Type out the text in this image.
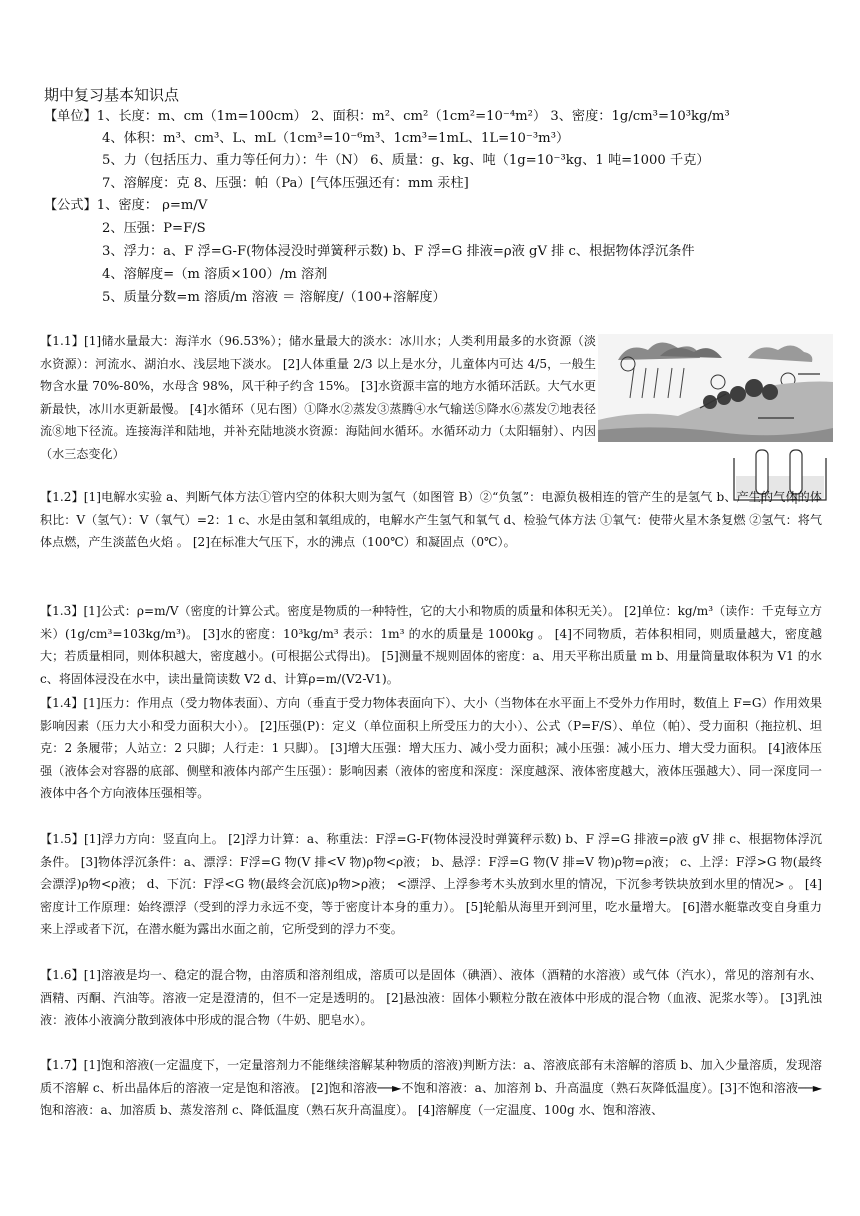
期中复习基本知识点
【单位】1、长度：m、cm（1m=100cm） 2、面积：m²、cm²（1cm²=10⁻⁴m²） 3、密度：1g/cm³=10³kg/m³
4、体积：m³、cm³、L、mL（1cm³=10⁻⁶m³、1cm³=1mL、1L=10⁻³m³）
5、力（包括压力、重力等任何力）：牛（N） 6、质量：g、kg、吨（1g=10⁻³kg、1 吨=1000 千克）
7、溶解度：克 8、压强：帕（Pa）[气体压强还有：mm 汞柱]
【公式】1、密度： ρ=m/V
2、压强：P=F/S
3、浮力：a、F 浮=G-F(物体浸没时弹簧秤示数) b、F 浮=G 排液=ρ液 gV 排 c、根据物体浮沉条件
4、溶解度=（m 溶质×100）/m 溶剂
5、质量分数=m 溶质/m 溶液 ＝ 溶解度/（100+溶解度）
【1.1】[1]储水量最大：海洋水（96.53%）；储水量最大的淡水：冰川水；人类利用最多的水资源（淡水资源）：河流水、湖泊水、浅层地下淡水。 [2]人体重量 2/3 以上是水分，儿童体内可达 4/5，一般生物含水量 70%-80%，水母含 98%，风干种子约含 15%。 [3]水资源丰富的地方水循环活跃。大气水更新最快，冰川水更新最慢。 [4]水循环（见右图）①降水②蒸发③蒸腾④水气输送⑤降水⑥蒸发⑦地表径流⑧地下径流。连接海洋和陆地，并补充陆地淡水资源：海陆间水循环。水循环动力（太阳辐射）、内因（水三态变化）
【1.2】[1]电解水实验 a、判断气体方法①管内空的体积大则为氢气（如图管 B）②“负氢”：电源负极相连的管产生的是氢气 b、产生的气体的体积比：V（氢气）：V（氧气）=2：1 c、水是由氢和氧组成的，电解水产生氢气和氧气 d、检验气体方法 ①氧气：使带火星木条复燃 ②氢气：将气体点燃，产生淡蓝色火焰 。 [2]在标准大气压下，水的沸点（100℃）和凝固点（0℃）。
【1.3】[1]公式：ρ=m/V（密度的计算公式。密度是物质的一种特性，它的大小和物质的质量和体积无关）。 [2]单位：kg/m³（读作：千克每立方米）(1g/cm³=103kg/m³)。 [3]水的密度：10³kg/m³ 表示：1m³ 的水的质量是 1000kg 。 [4]不同物质，若体积相同，则质量越大，密度越大；若质量相同，则体积越大，密度越小。(可根据公式得出)。 [5]测量不规则固体的密度：a、用天平称出质量 m b、用量筒量取体积为 V1 的水 c、将固体浸没在水中，读出量筒读数 V2 d、计算ρ=m/(V2-V1)。
【1.4】[1]压力：作用点（受力物体表面）、方向（垂直于受力物体表面向下）、大小（当物体在水平面上不受外力作用时，数值上 F=G）作用效果影响因素（压力大小和受力面积大小）。 [2]压强(P)：定义（单位面积上所受压力的大小）、公式（P=F/S）、单位（帕）、受力面积（拖拉机、坦克：2 条履带；人站立：2 只脚；人行走：1 只脚）。 [3]增大压强：增大压力、减小受力面积；减小压强：减小压力、增大受力面积。 [4]液体压强（液体会对容器的底部、侧壁和液体内部产生压强）：影响因素（液体的密度和深度：深度越深、液体密度越大，液体压强越大）、同一深度同一液体中各个方向液体压强相等。
【1.5】[1]浮力方向：竖直向上。 [2]浮力计算：a、称重法：F浮=G-F(物体浸没时弹簧秤示数) b、F 浮=G 排液=ρ液 gV 排 c、根据物体浮沉条件。 [3]物体浮沉条件：a、漂浮：F浮=G 物(V 排<V 物)ρ物<ρ液； b、悬浮：F浮=G 物(V 排=V 物)ρ物=ρ液； c、上浮：F浮>G 物(最终会漂浮)ρ物<ρ液； d、下沉：F浮<G 物(最终会沉底)ρ物>ρ液； <漂浮、上浮参考木头放到水里的情况，下沉参考铁块放到水里的情况> 。 [4]密度计工作原理：始终漂浮（受到的浮力永远不变，等于密度计本身的重力）。 [5]轮船从海里开到河里，吃水量增大。 [6]潜水艇靠改变自身重力来上浮或者下沉，在潜水艇为露出水面之前，它所受到的浮力不变。
【1.6】[1]溶液是均一、稳定的混合物，由溶质和溶剂组成，溶质可以是固体（碘酒）、液体（酒精的水溶液）或气体（汽水），常见的溶剂有水、酒精、丙酮、汽油等。溶液一定是澄清的，但不一定是透明的。 [2]悬浊液：固体小颗粒分散在液体中形成的混合物（血液、泥浆水等）。 [3]乳浊液：液体小液滴分散到液体中形成的混合物（牛奶、肥皂水）。
【1.7】[1]饱和溶液(一定温度下，一定量溶剂力不能继续溶解某种物质的溶液)判断方法：a、溶液底部有未溶解的溶质 b、加入少量溶质，发现溶质不溶解 c、析出晶体后的溶液一定是饱和溶液。 [2]饱和溶液──►不饱和溶液：a、加溶剂 b、升高温度（熟石灰降低温度）。[3]不饱和溶液──►饱和溶液：a、加溶质 b、蒸发溶剂 c、降低温度（熟石灰升高温度）。 [4]溶解度（一定温度、100g 水、饱和溶液、
